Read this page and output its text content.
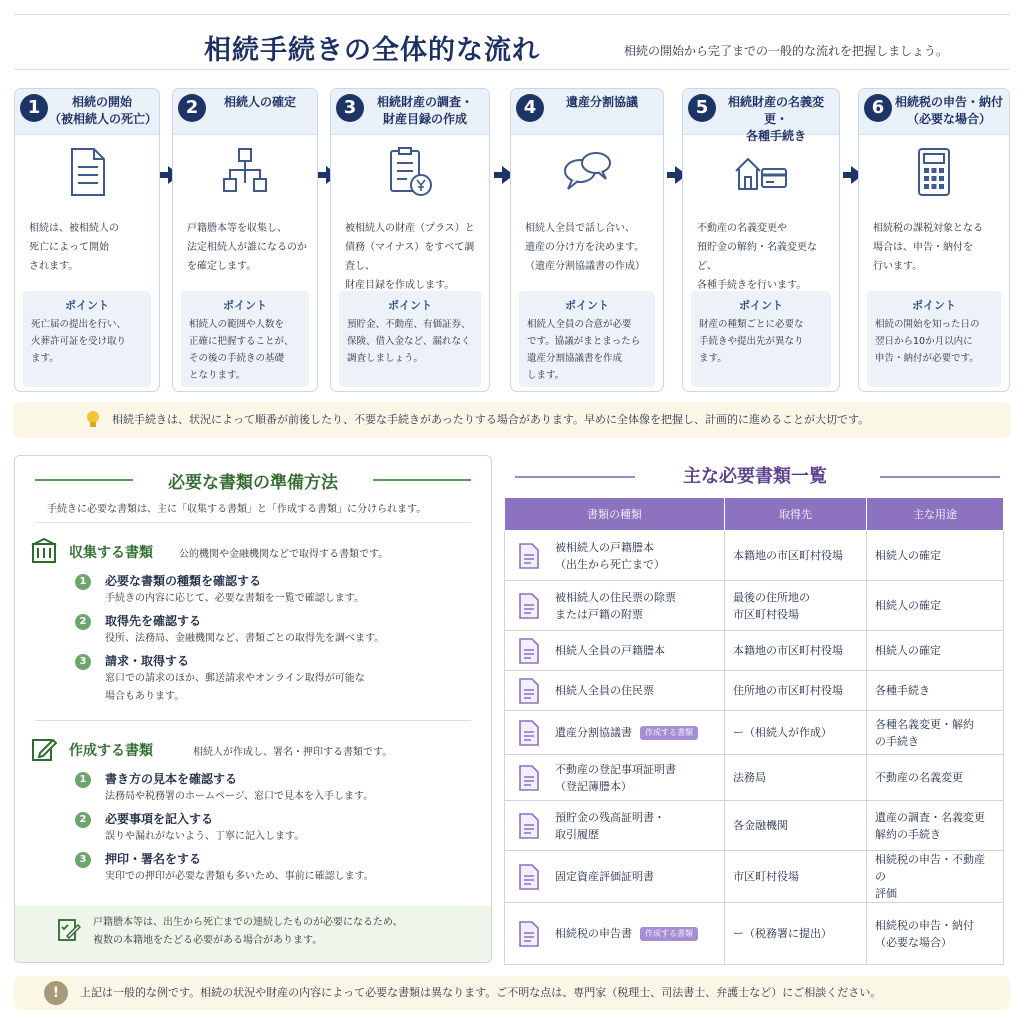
相続手続きの全体的な流れ	相続の開始から完了までの一般的な流れを把握しましょう。
1	相続の開始
（被相続人の死亡）
相続は、被相続人の
死亡によって開始
されます。
ポイント
死亡届の提出を行い、
火葬許可証を受け取り
ます。
2	相続人の確定
戸籍謄本等を収集し、
法定相続人が誰になるのか
を確定します。
ポイント
相続人の範囲や人数を
正確に把握することが、
その後の手続きの基礎
となります。
3	相続財産の調査・
財産目録の作成
被相続人の財産（プラス）と
債務（マイナス）をすべて調査し、
財産目録を作成します。
ポイント
預貯金、不動産、有価証券、
保険、借入金など、漏れなく
調査しましょう。
4	遺産分割協議
相続人全員で話し合い、
遺産の分け方を決めます。
（遺産分割協議書の作成）
ポイント
相続人全員の合意が必要
です。協議がまとまったら
遺産分割協議書を作成
します。
5	相続財産の名義変更・
各種手続き
不動産の名義変更や
預貯金の解約・名義変更など、
各種手続きを行います。
ポイント
財産の種類ごとに必要な
手続きや提出先が異なり
ます。
6 相続税の申告・納付
（必要な場合）
相続税の課税対象となる
場合は、申告・納付を
行います。
ポイント
相続の開始を知った日の
翌日から10か月以内に
申告・納付が必要です。
相続手続きは、状況によって順番が前後したり、不要な手続きがあったりする場合があります。早めに全体像を把握し、計画的に進めることが大切です。
必要な書類の準備方法
手続きに必要な書類は、主に「収集する書類」と「作成する書類」に分けられます。
収集する書類	公的機関や金融機関などで取得する書類です。
1	必要な書類の種類を確認する
手続きの内容に応じて、必要な書類を一覧で確認します。
2	取得先を確認する
役所、法務局、金融機関など、書類ごとの取得先を調べます。
3	請求・取得する
窓口での請求のほか、郵送請求やオンライン取得が可能な
場合もあります。
作成する書類	相続人が作成し、署名・押印する書類です。
1	書き方の見本を確認する
法務局や税務署のホームページ、窓口で見本を入手します。
2	必要事項を記入する
誤りや漏れがないよう、丁寧に記入します。
3	押印・署名をする
実印での押印が必要な書類も多いため、事前に確認します。
戸籍謄本等は、出生から死亡までの連続したものが必要になるため、
複数の本籍地をたどる必要がある場合があります。
主な必要書類一覧
書類の種類	取得先	主な用途

被相続人の戸籍謄本
（出生から死亡まで）	本籍地の市区町村役場	相続人の確定

被相続人の住民票の除票
または戸籍の附票	最後の住所地の
市区町村役場	相続人の確定

相続人全員の戸籍謄本	本籍地の市区町村役場	相続人の確定

相続人全員の住民票	住所地の市区町村役場	各種手続き

遺産分割協議書 作成する書類	ー（相続人が作成）	各種名義変更・解約
の手続き

不動産の登記事項証明書
（登記簿謄本）	法務局	不動産の名義変更

預貯金の残高証明書・
取引履歴	各金融機関	遺産の調査・名義変更
解約の手続き

固定資産評価証明書	市区町村役場	相続税の申告・不動産の
評価

相続税の申告書 作成する書類	ー（税務署に提出）	相続税の申告・納付
（必要な場合）
!	上記は一般的な例です。相続の状況や財産の内容によって必要な書類は異なります。ご不明な点は、専門家（税理士、司法書士、弁護士など）にご相談ください。
